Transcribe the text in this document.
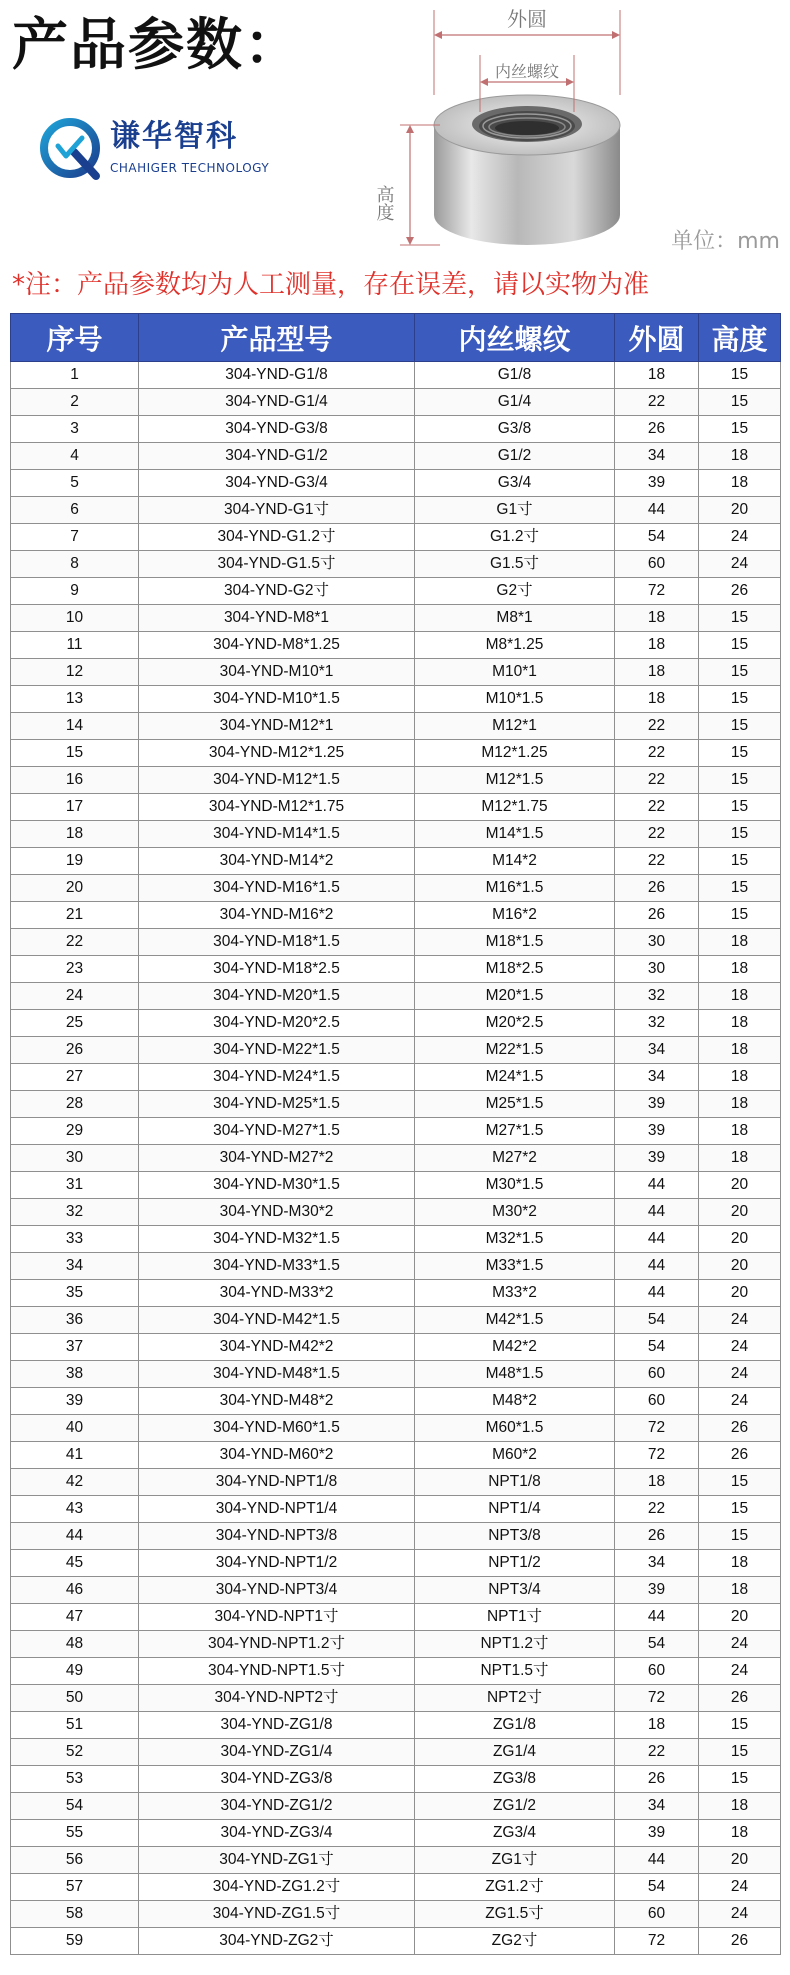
产品参数：
谦华智科
CHAHIGER TECHNOLOGY
外圆
内丝螺纹
高度
单位：mm
*注：产品参数均为人工测量，存在误差，请以实物为准
序号	产品型号	内丝螺纹	外圆	高度
1	304-YND-G1/8	G1/8	18	15
2	304-YND-G1/4	G1/4	22	15
3	304-YND-G3/8	G3/8	26	15
4	304-YND-G1/2	G1/2	34	18
5	304-YND-G3/4	G3/4	39	18
6	304-YND-G1寸	G1寸	44	20
7	304-YND-G1.2寸	G1.2寸	54	24
8	304-YND-G1.5寸	G1.5寸	60	24
9	304-YND-G2寸	G2寸	72	26
10	304-YND-M8*1	M8*1	18	15
11	304-YND-M8*1.25	M8*1.25	18	15
12	304-YND-M10*1	M10*1	18	15
13	304-YND-M10*1.5	M10*1.5	18	15
14	304-YND-M12*1	M12*1	22	15
15	304-YND-M12*1.25	M12*1.25	22	15
16	304-YND-M12*1.5	M12*1.5	22	15
17	304-YND-M12*1.75	M12*1.75	22	15
18	304-YND-M14*1.5	M14*1.5	22	15
19	304-YND-M14*2	M14*2	22	15
20	304-YND-M16*1.5	M16*1.5	26	15
21	304-YND-M16*2	M16*2	26	15
22	304-YND-M18*1.5	M18*1.5	30	18
23	304-YND-M18*2.5	M18*2.5	30	18
24	304-YND-M20*1.5	M20*1.5	32	18
25	304-YND-M20*2.5	M20*2.5	32	18
26	304-YND-M22*1.5	M22*1.5	34	18
27	304-YND-M24*1.5	M24*1.5	34	18
28	304-YND-M25*1.5	M25*1.5	39	18
29	304-YND-M27*1.5	M27*1.5	39	18
30	304-YND-M27*2	M27*2	39	18
31	304-YND-M30*1.5	M30*1.5	44	20
32	304-YND-M30*2	M30*2	44	20
33	304-YND-M32*1.5	M32*1.5	44	20
34	304-YND-M33*1.5	M33*1.5	44	20
35	304-YND-M33*2	M33*2	44	20
36	304-YND-M42*1.5	M42*1.5	54	24
37	304-YND-M42*2	M42*2	54	24
38	304-YND-M48*1.5	M48*1.5	60	24
39	304-YND-M48*2	M48*2	60	24
40	304-YND-M60*1.5	M60*1.5	72	26
41	304-YND-M60*2	M60*2	72	26
42	304-YND-NPT1/8	NPT1/8	18	15
43	304-YND-NPT1/4	NPT1/4	22	15
44	304-YND-NPT3/8	NPT3/8	26	15
45	304-YND-NPT1/2	NPT1/2	34	18
46	304-YND-NPT3/4	NPT3/4	39	18
47	304-YND-NPT1寸	NPT1寸	44	20
48	304-YND-NPT1.2寸	NPT1.2寸	54	24
49	304-YND-NPT1.5寸	NPT1.5寸	60	24
50	304-YND-NPT2寸	NPT2寸	72	26
51	304-YND-ZG1/8	ZG1/8	18	15
52	304-YND-ZG1/4	ZG1/4	22	15
53	304-YND-ZG3/8	ZG3/8	26	15
54	304-YND-ZG1/2	ZG1/2	34	18
55	304-YND-ZG3/4	ZG3/4	39	18
56	304-YND-ZG1寸	ZG1寸	44	20
57	304-YND-ZG1.2寸	ZG1.2寸	54	24
58	304-YND-ZG1.5寸	ZG1.5寸	60	24
59	304-YND-ZG2寸	ZG2寸	72	26
